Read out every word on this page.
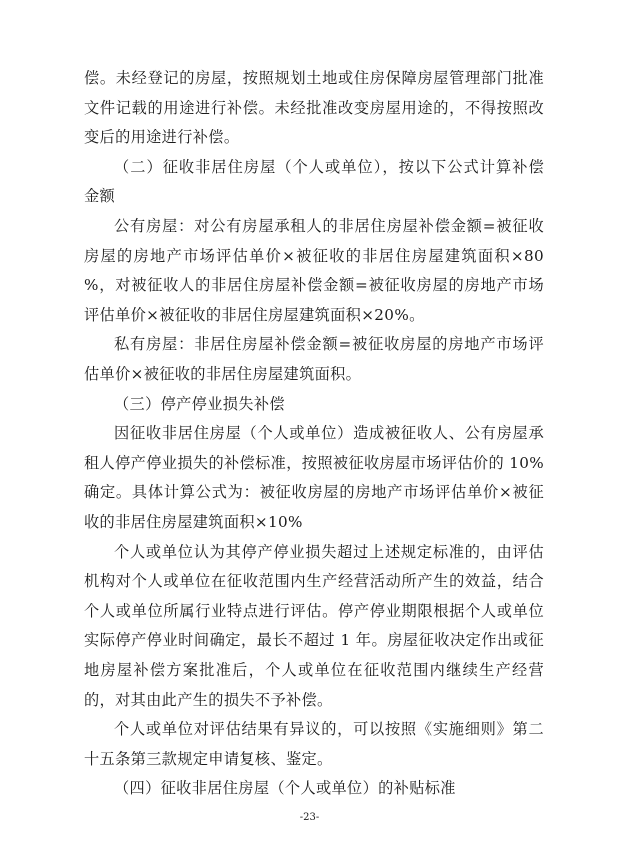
偿。未经登记的房屋，按照规划土地或住房保障房屋管理部门批准
文件记载的用途进行补偿。未经批准改变房屋用途的，不得按照改
变后的用途进行补偿。
（二）征收非居住房屋（个人或单位），按以下公式计算补偿
金额
公有房屋：对公有房屋承租人的非居住房屋补偿金额=被征收
房屋的房地产市场评估单价×被征收的非居住房屋建筑面积×80
%，对被征收人的非居住房屋补偿金额=被征收房屋的房地产市场
评估单价×被征收的非居住房屋建筑面积×20%。
私有房屋：非居住房屋补偿金额=被征收房屋的房地产市场评
估单价×被征收的非居住房屋建筑面积。
（三）停产停业损失补偿
因征收非居住房屋（个人或单位）造成被征收人、公有房屋承
租人停产停业损失的补偿标准，按照被征收房屋市场评估价的 10%
确定。具体计算公式为：被征收房屋的房地产市场评估单价×被征
收的非居住房屋建筑面积×10%
个人或单位认为其停产停业损失超过上述规定标准的，由评估
机构对个人或单位在征收范围内生产经营活动所产生的效益，结合
个人或单位所属行业特点进行评估。停产停业期限根据个人或单位
实际停产停业时间确定，最长不超过 1 年。房屋征收决定作出或征
地房屋补偿方案批准后，个人或单位在征收范围内继续生产经营
的，对其由此产生的损失不予补偿。
个人或单位对评估结果有异议的，可以按照《实施细则》第二
十五条第三款规定申请复核、鉴定。
（四）征收非居住房屋（个人或单位）的补贴标准
-23-
